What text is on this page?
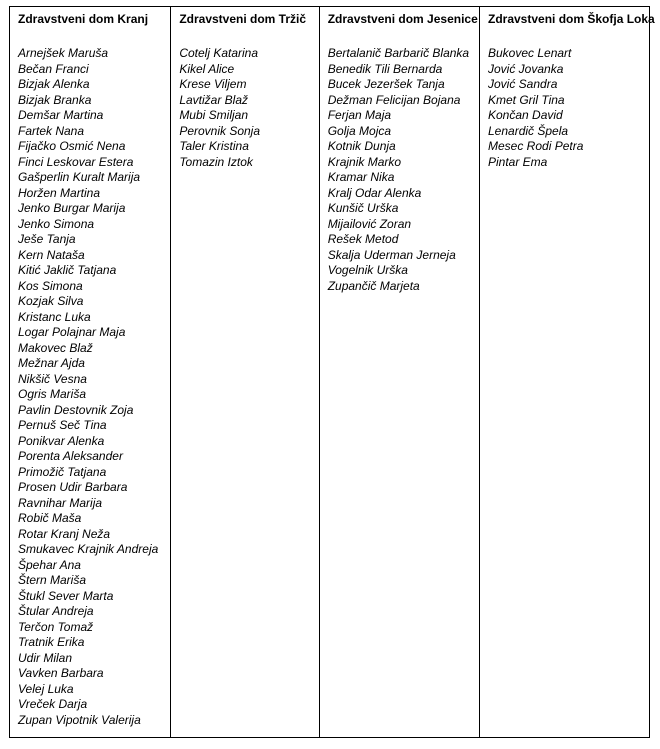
Zdravstveni dom Kranj
Arnejšek Maruša
Bečan Franci
Bizjak Alenka
Bizjak Branka
Demšar Martina
Fartek Nana
Fijačko Osmić Nena
Finci Leskovar Estera
Gašperlin Kuralt Marija
Horžen Martina
Jenko Burgar Marija
Jenko Simona
Ješe Tanja
Kern Nataša
Kitić Jaklič Tatjana
Kos Simona
Kozjak Silva
Kristanc Luka
Logar Polajnar Maja
Makovec Blaž
Mežnar Ajda
Nikšič Vesna
Ogris Mariša
Pavlin Destovnik Zoja
Pernuš Seč Tina
Ponikvar Alenka
Porenta Aleksander
Primožič Tatjana
Prosen Udir Barbara
Ravnihar Marija
Robič Maša
Rotar Kranj Neža
Smukavec Krajnik Andreja
Špehar Ana
Štern Mariša
Štukl Sever Marta
Štular Andreja
Terčon Tomaž
Tratnik Erika
Udir Milan
Vavken Barbara
Velej Luka
Vreček Darja
Zupan Vipotnik Valerija
Zdravstveni dom Tržič
Cotelj Katarina
Kikel Alice
Krese Viljem
Lavtižar Blaž
Mubi Smiljan
Perovnik Sonja
Taler Kristina
Tomazin Iztok
Zdravstveni dom Jesenice
Bertalanič Barbarič Blanka
Benedik Tili Bernarda
Bucek Jezeršek Tanja
Dežman Felicijan Bojana
Ferjan Maja
Golja Mojca
Kotnik Dunja
Krajnik Marko
Kramar Nika
Kralj Odar Alenka
Kunšič Urška
Mijailović Zoran
Rešek Metod
Skalja Uderman Jerneja
Vogelnik Urška
Zupančič Marjeta
Zdravstveni dom Škofja Loka
Bukovec Lenart
Jović Jovanka
Jović Sandra
Kmet Gril Tina
Končan David
Lenardič Špela
Mesec Rodi Petra
Pintar Ema
